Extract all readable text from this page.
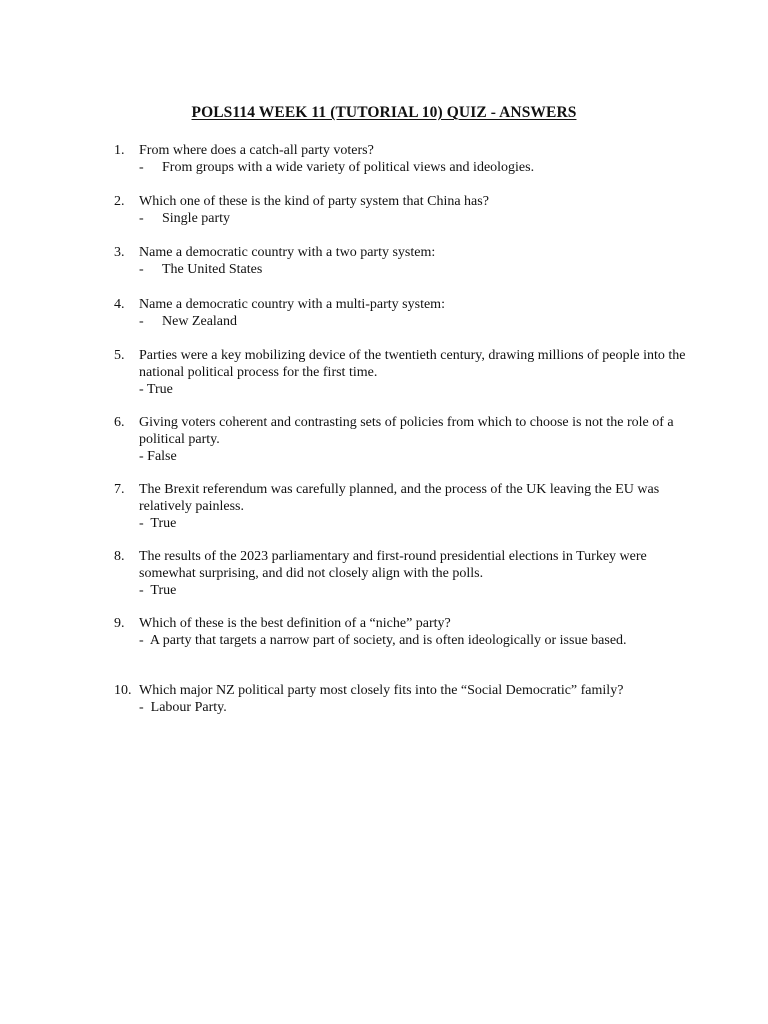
POLS114 WEEK 11 (TUTORIAL 10) QUIZ - ANSWERS
1. From where does a catch-all party voters?
- From groups with a wide variety of political views and ideologies.
2. Which one of these is the kind of party system that China has?
- Single party
3. Name a democratic country with a two party system:
- The United States
4. Name a democratic country with a multi-party system:
- New Zealand
5. Parties were a key mobilizing device of the twentieth century, drawing millions of people into the national political process for the first time.
- True
6. Giving voters coherent and contrasting sets of policies from which to choose is not the role of a political party.
- False
7. The Brexit referendum was carefully planned, and the process of the UK leaving the EU was relatively painless.
-  True
8. The results of the 2023 parliamentary and first-round presidential elections in Turkey were somewhat surprising, and did not closely align with the polls.
-  True
9. Which of these is the best definition of a “niche” party?
-  A party that targets a narrow part of society, and is often ideologically or issue based.
10. Which major NZ political party most closely fits into the “Social Democratic” family?
-  Labour Party.
